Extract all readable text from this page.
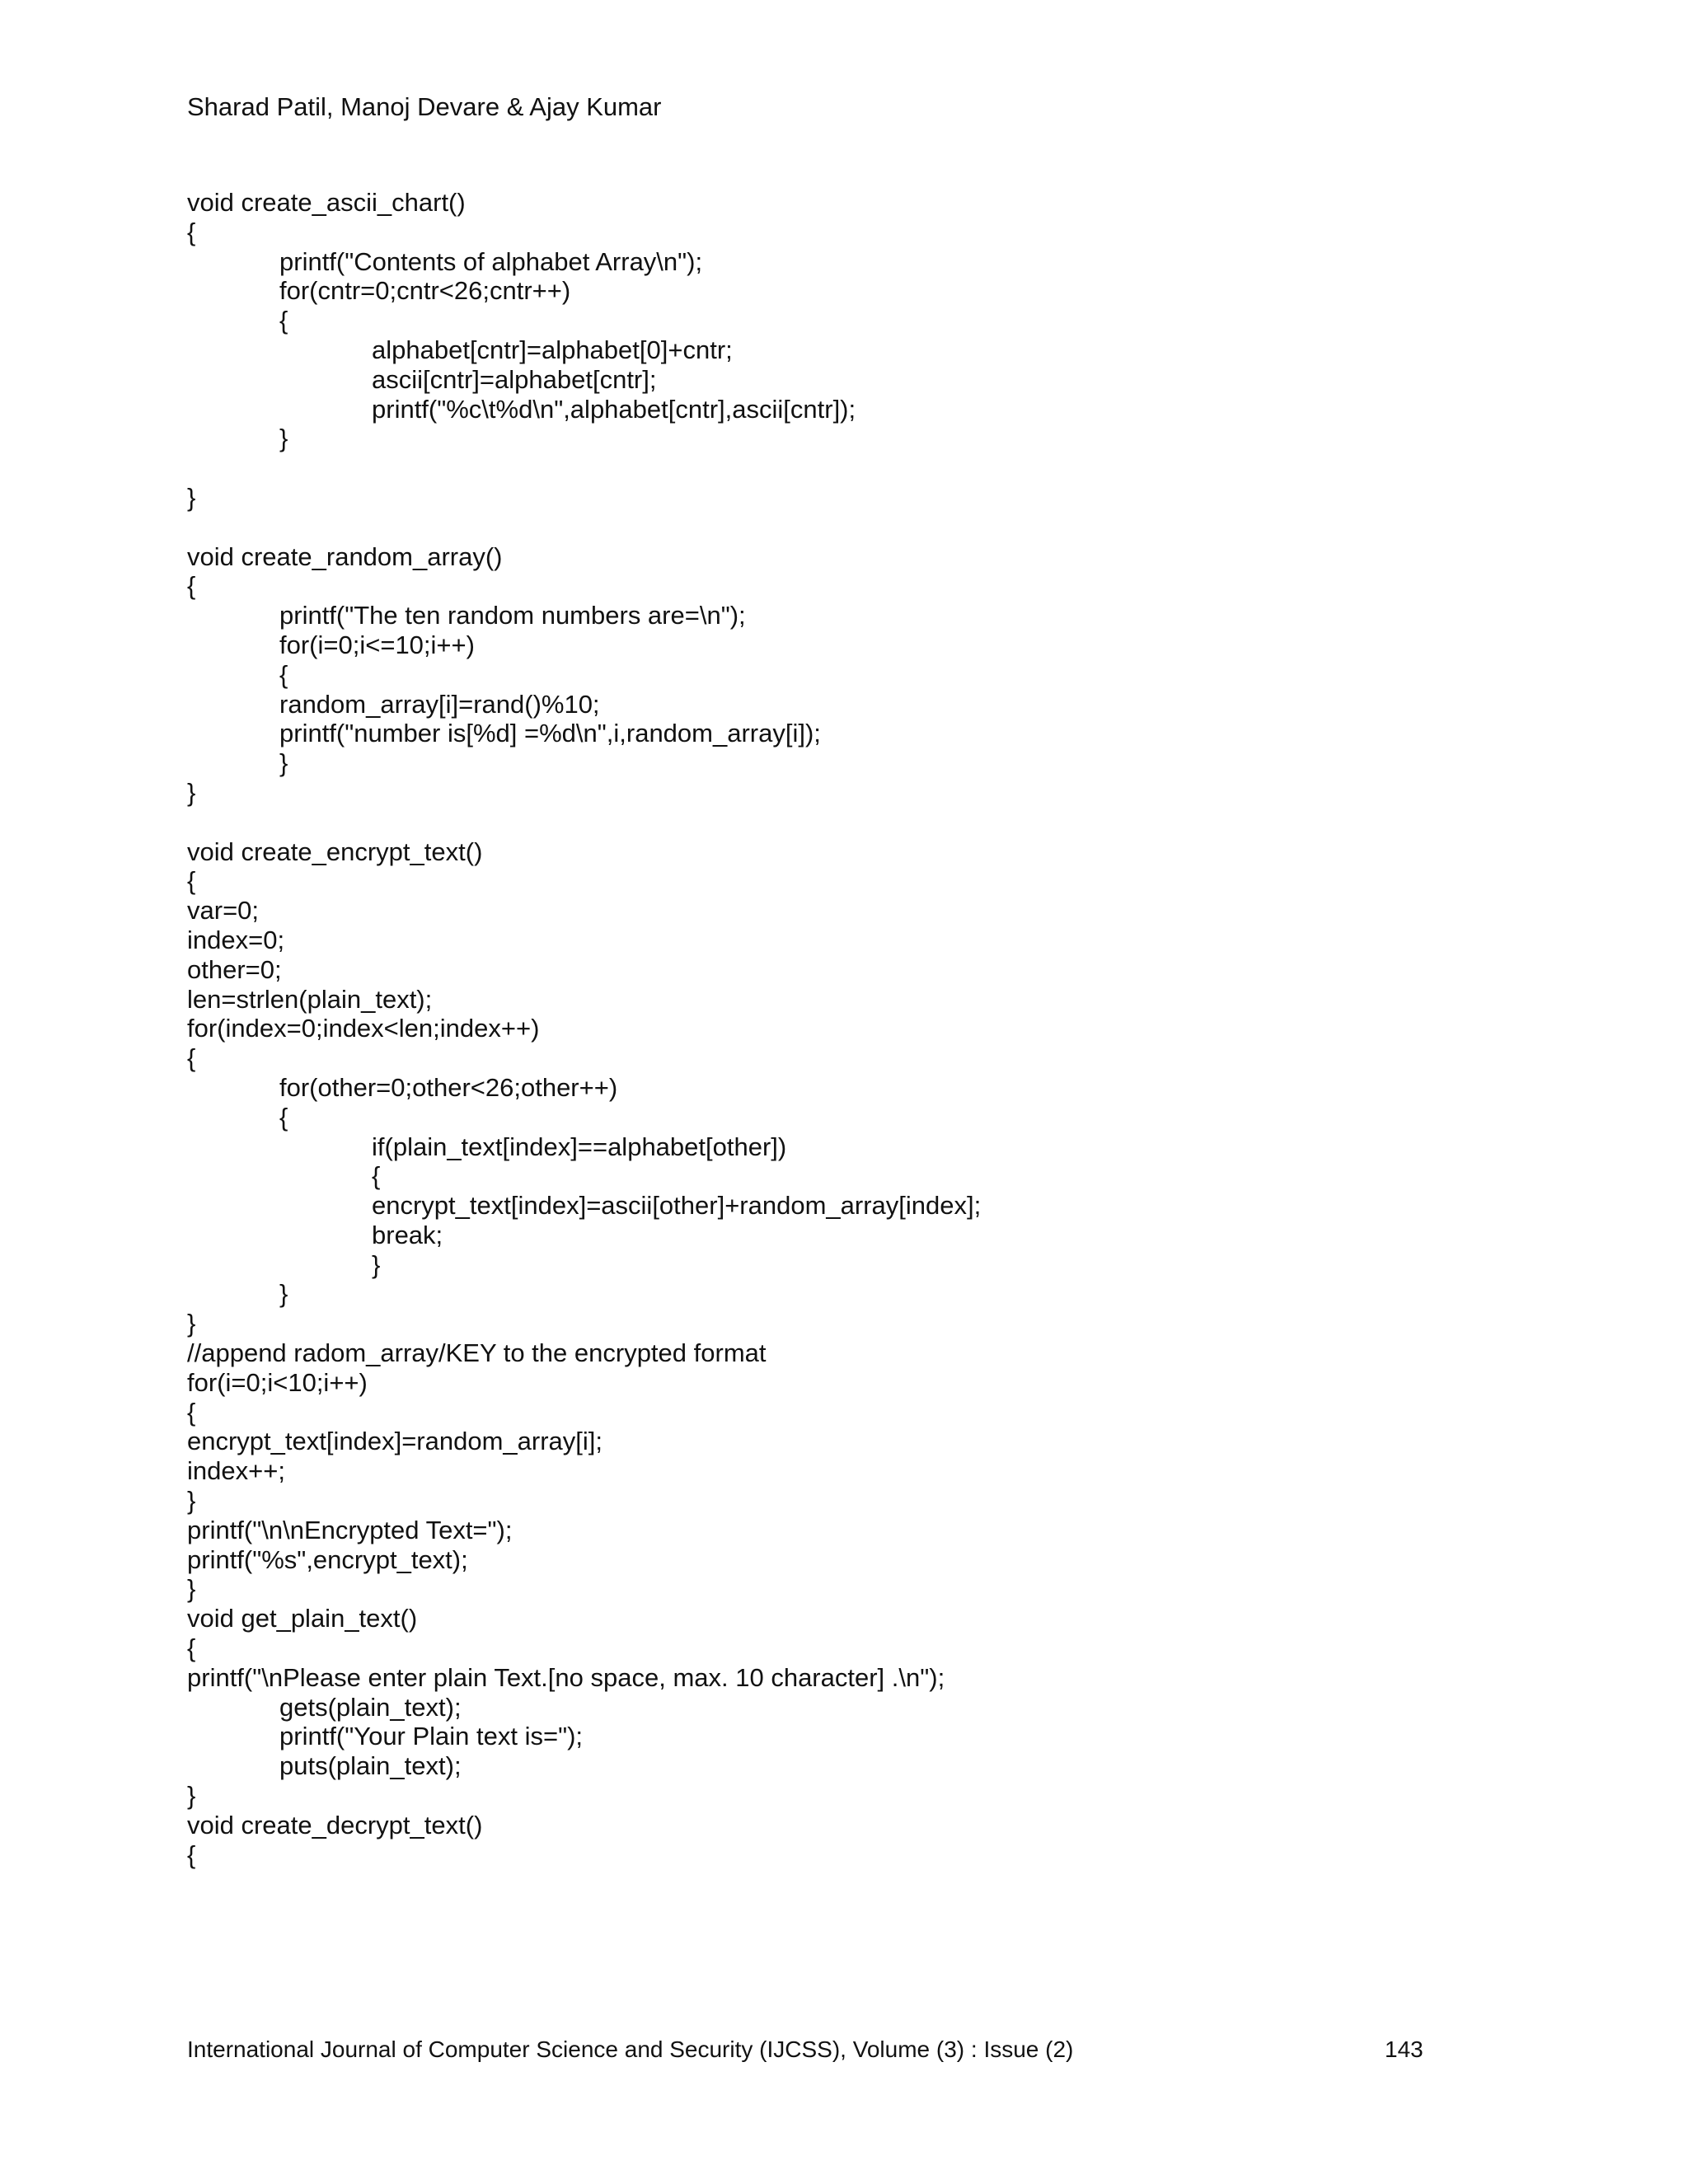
Sharad Patil, Manoj Devare & Ajay Kumar
void create_ascii_chart()
{
printf("Contents of alphabet Array\n");
for(cntr=0;cntr<26;cntr++)
{
alphabet[cntr]=alphabet[0]+cntr;
ascii[cntr]=alphabet[cntr];
printf("%c\t%d\n",alphabet[cntr],ascii[cntr]);
}
}
void create_random_array()
{
printf("The ten random numbers are=\n");
for(i=0;i<=10;i++)
{
random_array[i]=rand()%10;
printf("number is[%d] =%d\n",i,random_array[i]);
}
}
void create_encrypt_text()
{
var=0;
index=0;
other=0;
len=strlen(plain_text);
for(index=0;index<len;index++)
{
for(other=0;other<26;other++)
{
if(plain_text[index]==alphabet[other])
{
encrypt_text[index]=ascii[other]+random_array[index];
break;
}
}
}
//append radom_array/KEY to the encrypted format
for(i=0;i<10;i++)
{
encrypt_text[index]=random_array[i];
index++;
}
printf("\n\nEncrypted Text=");
printf("%s",encrypt_text);
}
void get_plain_text()
{
printf("\nPlease enter plain Text.[no space, max. 10 character] .\n");
gets(plain_text);
printf("Your Plain text is=");
puts(plain_text);
}
void create_decrypt_text()
{
International Journal of Computer Science and Security (IJCSS), Volume (3) : Issue (2)	143
